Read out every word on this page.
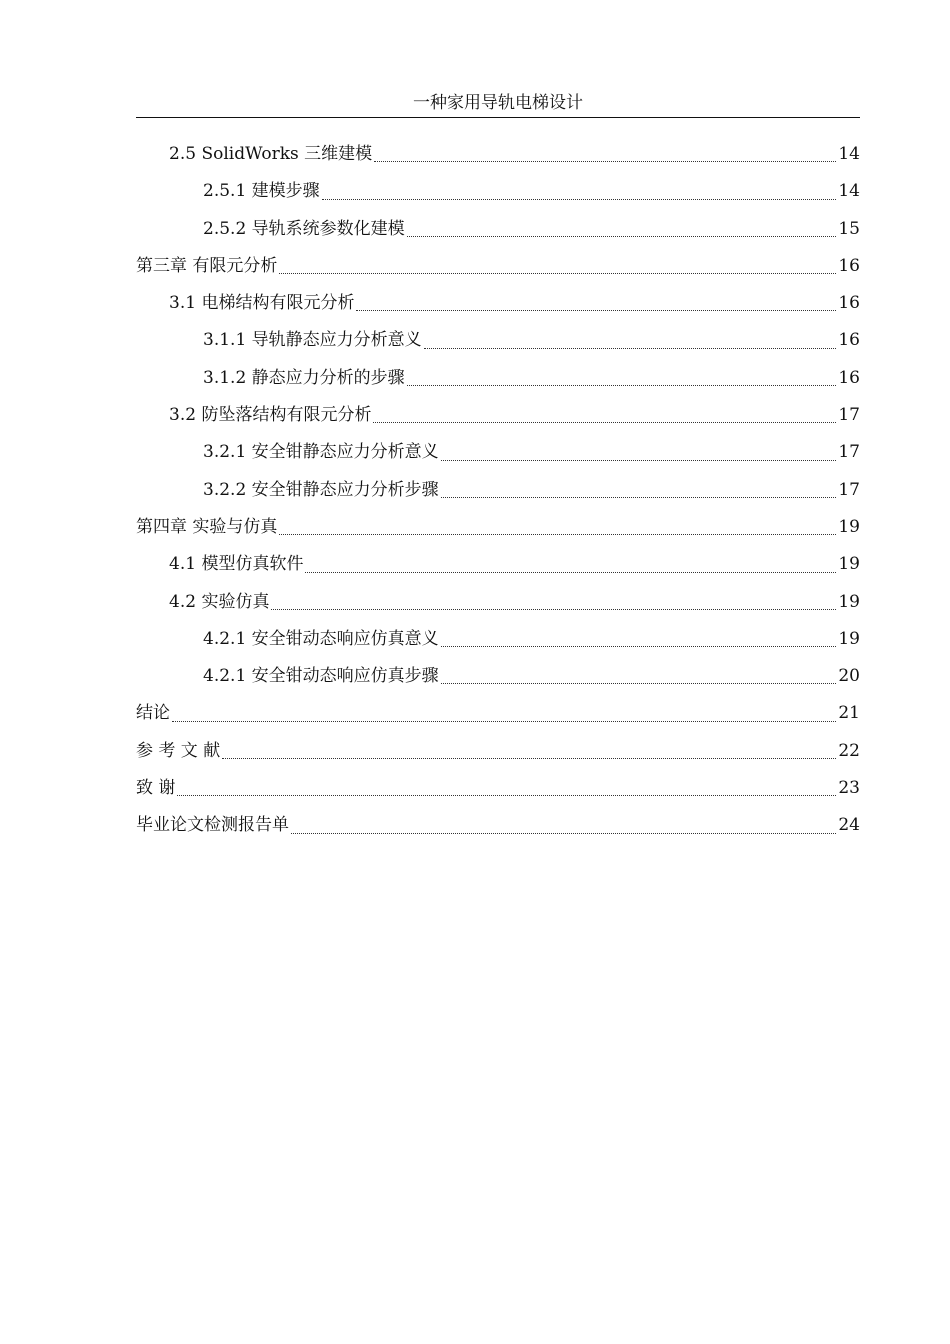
一种家用导轨电梯设计
2.5 SolidWorks 三维建模	14
2.5.1 建模步骤	14
2.5.2 导轨系统参数化建模	15
第三章 有限元分析	16
3.1 电梯结构有限元分析	16
3.1.1 导轨静态应力分析意义	16
3.1.2 静态应力分析的步骤	16
3.2 防坠落结构有限元分析	17
3.2.1 安全钳静态应力分析意义	17
3.2.2 安全钳静态应力分析步骤	17
第四章 实验与仿真	19
4.1 模型仿真软件	19
4.2 实验仿真	19
4.2.1 安全钳动态响应仿真意义	19
4.2.1 安全钳动态响应仿真步骤	20
结论	21
参 考 文 献	22
致 谢	23
毕业论文检测报告单	24
